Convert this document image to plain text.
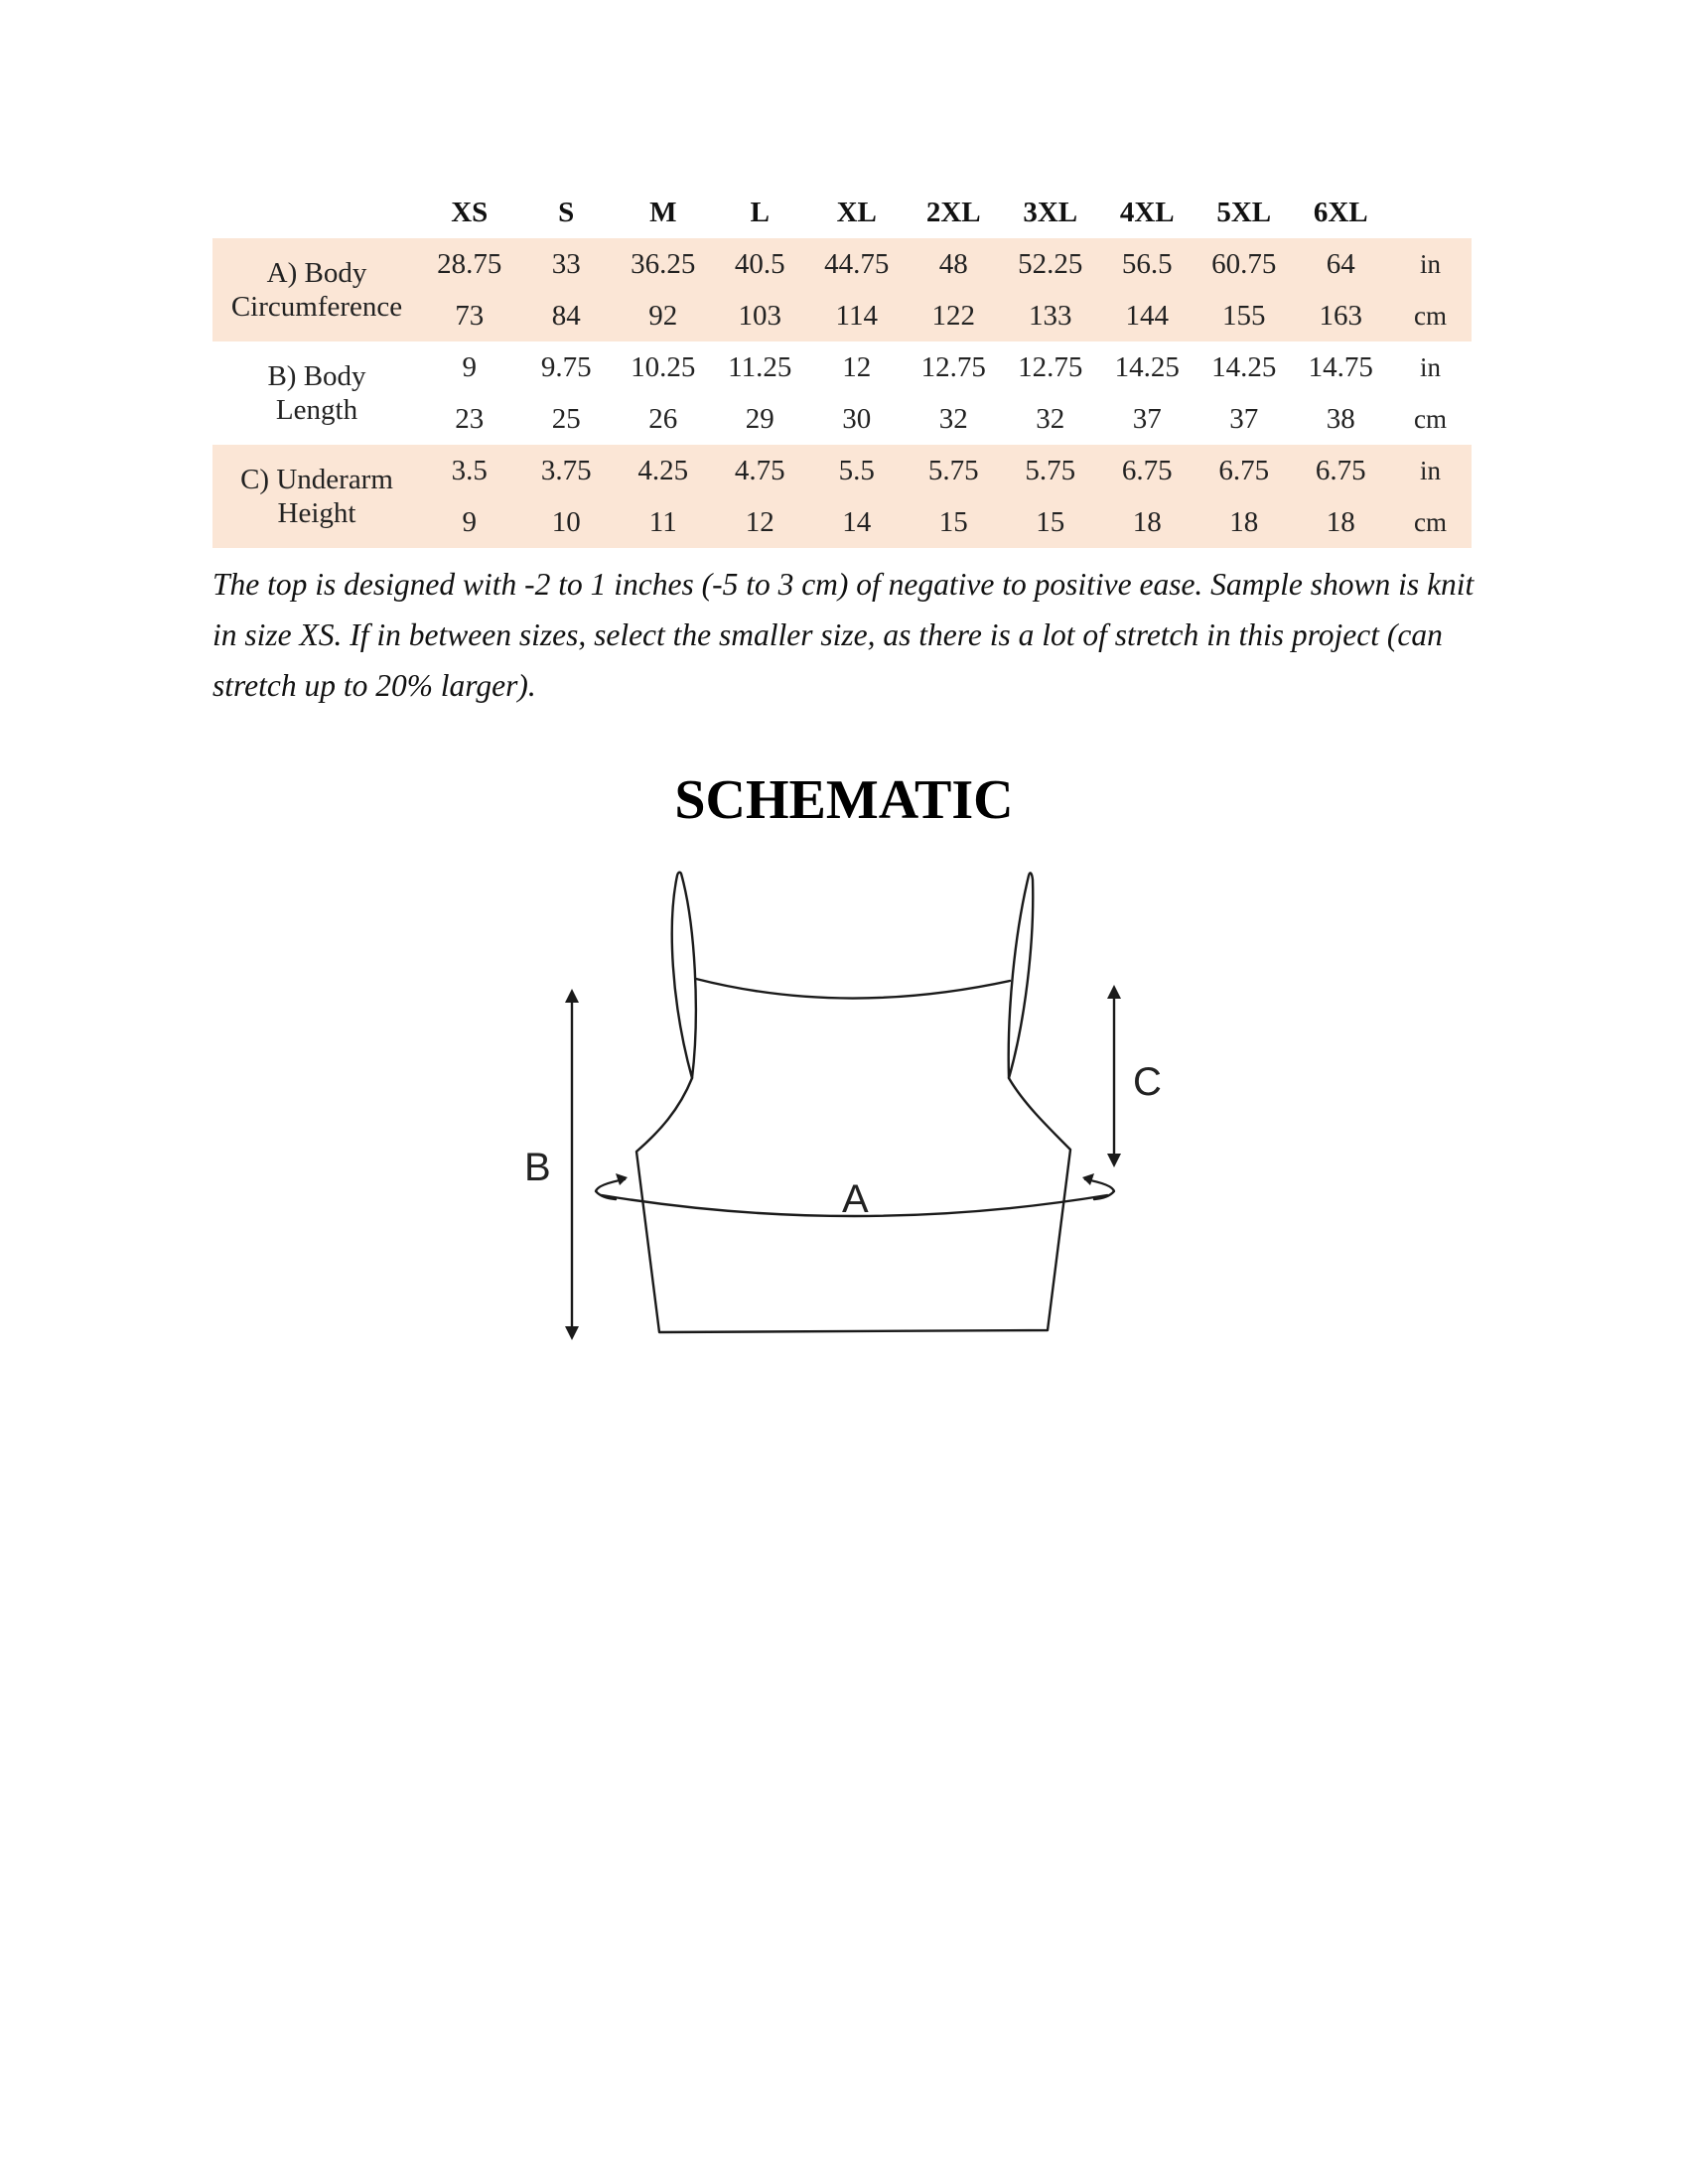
	XS	S	M	L	XL	2XL	3XL	4XL	5XL	6XL	

A) Body
Circumference	28.75	33	36.25	40.5	44.75	48	52.25	56.5	60.75	64	in
	73	84	92	103	114	122	133	144	155	163	cm

B) Body
Length	9	9.75	10.25	11.25	12	12.75	12.75	14.25	14.25	14.75	in
	23	25	26	29	30	32	32	37	37	38	cm

C) Underarm
Height	3.5	3.75	4.25	4.75	5.5	5.75	5.75	6.75	6.75	6.75	in
	9	10	11	12	14	15	15	18	18	18	cm

The top is designed with -2 to 1 inches (-5 to 3 cm) of negative to positive ease. Sample shown is knit in size XS. If in between sizes, select the smaller size, as there is a lot of stretch in this project (can stretch up to 20% larger).

SCHEMATIC
B
A
C
